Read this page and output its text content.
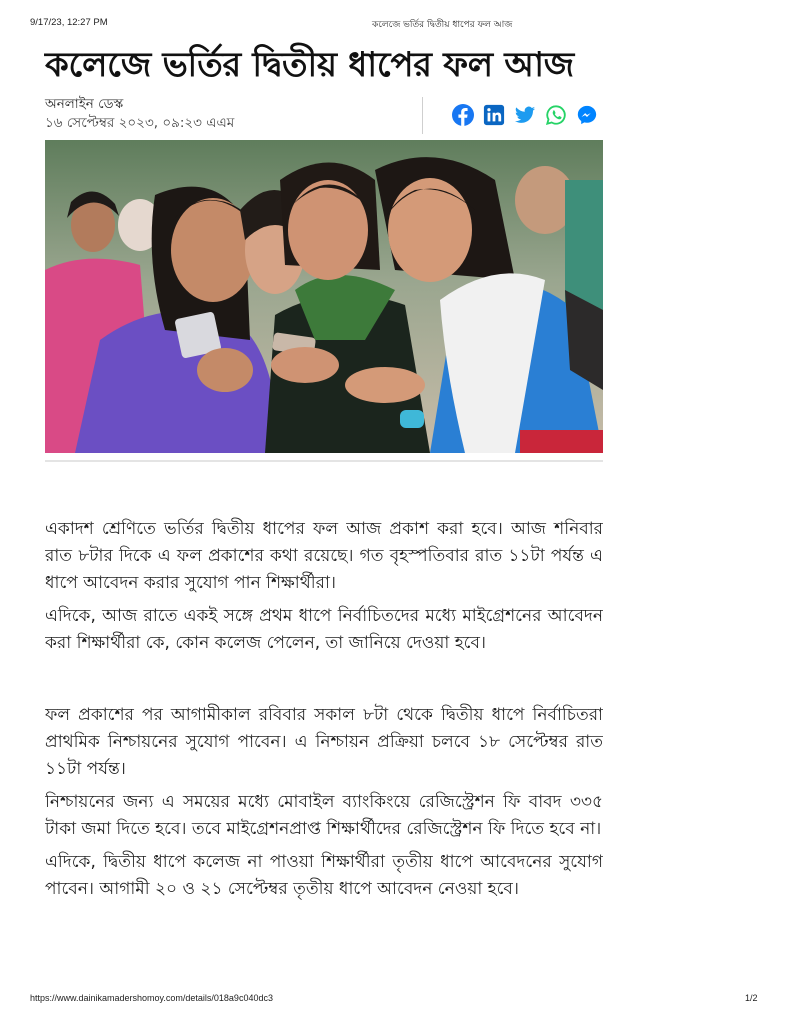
9/17/23, 12:27 PM	কলেজে ভর্তির দ্বিতীয় ধাপের ফল আজ
কলেজে ভর্তির দ্বিতীয় ধাপের ফল আজ
অনলাইন ডেস্ক
১৬ সেপ্টেম্বর ২০২৩, ০৯:২৩ এএম

একাদশ শ্রেণিতে ভর্তির দ্বিতীয় ধাপের ফল আজ প্রকাশ করা হবে। আজ শনিবার রাত ৮টার দিকে এ ফল প্রকাশের কথা রয়েছে। গত বৃহস্পতিবার রাত ১১টা পর্যন্ত এ ধাপে আবেদন করার সুযোগ পান শিক্ষার্থীরা।

এদিকে, আজ রাতে একই সঙ্গে প্রথম ধাপে নির্বাচিতদের মধ্যে মাইগ্রেশনের আবেদন করা শিক্ষার্থীরা কে, কোন কলেজ পেলেন, তা জানিয়ে দেওয়া হবে।

ফল প্রকাশের পর আগামীকাল রবিবার সকাল ৮টা থেকে দ্বিতীয় ধাপে নির্বাচিতরা প্রাথমিক নিশ্চায়নের সুযোগ পাবেন। এ নিশ্চায়ন প্রক্রিয়া চলবে ১৮ সেপ্টেম্বর রাত ১১টা পর্যন্ত।

নিশ্চায়নের জন্য এ সময়ের মধ্যে মোবাইল ব্যাংকিংয়ে রেজিস্ট্রেশন ফি বাবদ ৩৩৫ টাকা জমা দিতে হবে। তবে মাইগ্রেশনপ্রাপ্ত শিক্ষার্থীদের রেজিস্ট্রেশন ফি দিতে হবে না।

এদিকে, দ্বিতীয় ধাপে কলেজ না পাওয়া শিক্ষার্থীরা তৃতীয় ধাপে আবেদনের সুযোগ পাবেন। আগামী ২০ ও ২১ সেপ্টেম্বর তৃতীয় ধাপে আবেদন নেওয়া হবে।

https://www.dainikamadershomoy.com/details/018a9c040dc3	1/2
